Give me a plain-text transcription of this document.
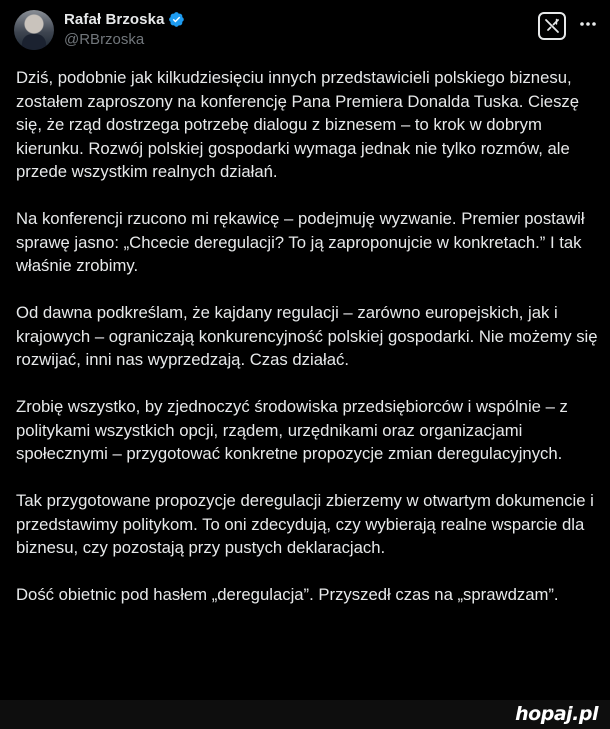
Rafał Brzoska
@RBrzoska

Dziś, podobnie jak kilkudziesięciu innych przedstawicieli polskiego biznesu, zostałem zaproszony na konferencję Pana Premiera Donalda Tuska. Cieszę się, że rząd dostrzega potrzebę dialogu z biznesem – to krok w dobrym kierunku. Rozwój polskiej gospodarki wymaga jednak nie tylko rozmów, ale przede wszystkim realnych działań.

Na konferencji rzucono mi rękawicę – podejmuję wyzwanie. Premier postawił sprawę jasno: „Chcecie deregulacji? To ją zaproponujcie w konkretach.” I tak właśnie zrobimy.

Od dawna podkreślam, że kajdany regulacji – zarówno europejskich, jak i krajowych – ograniczają konkurencyjność polskiej gospodarki. Nie możemy się rozwijać, inni nas wyprzedzają. Czas działać.

Zrobię wszystko, by zjednoczyć środowiska przedsiębiorców i wspólnie – z politykami wszystkich opcji, rządem, urzędnikami oraz organizacjami społecznymi – przygotować konkretne propozycje zmian deregulacyjnych.

Tak przygotowane propozycje deregulacji zbierzemy w otwartym dokumencie i przedstawimy politykom. To oni zdecydują, czy wybierają realne wsparcie dla biznesu, czy pozostają przy pustych deklaracjach.

Dość obietnic pod hasłem „deregulacja”. Przyszedł czas na „sprawdzam”.

hopaj.pl
